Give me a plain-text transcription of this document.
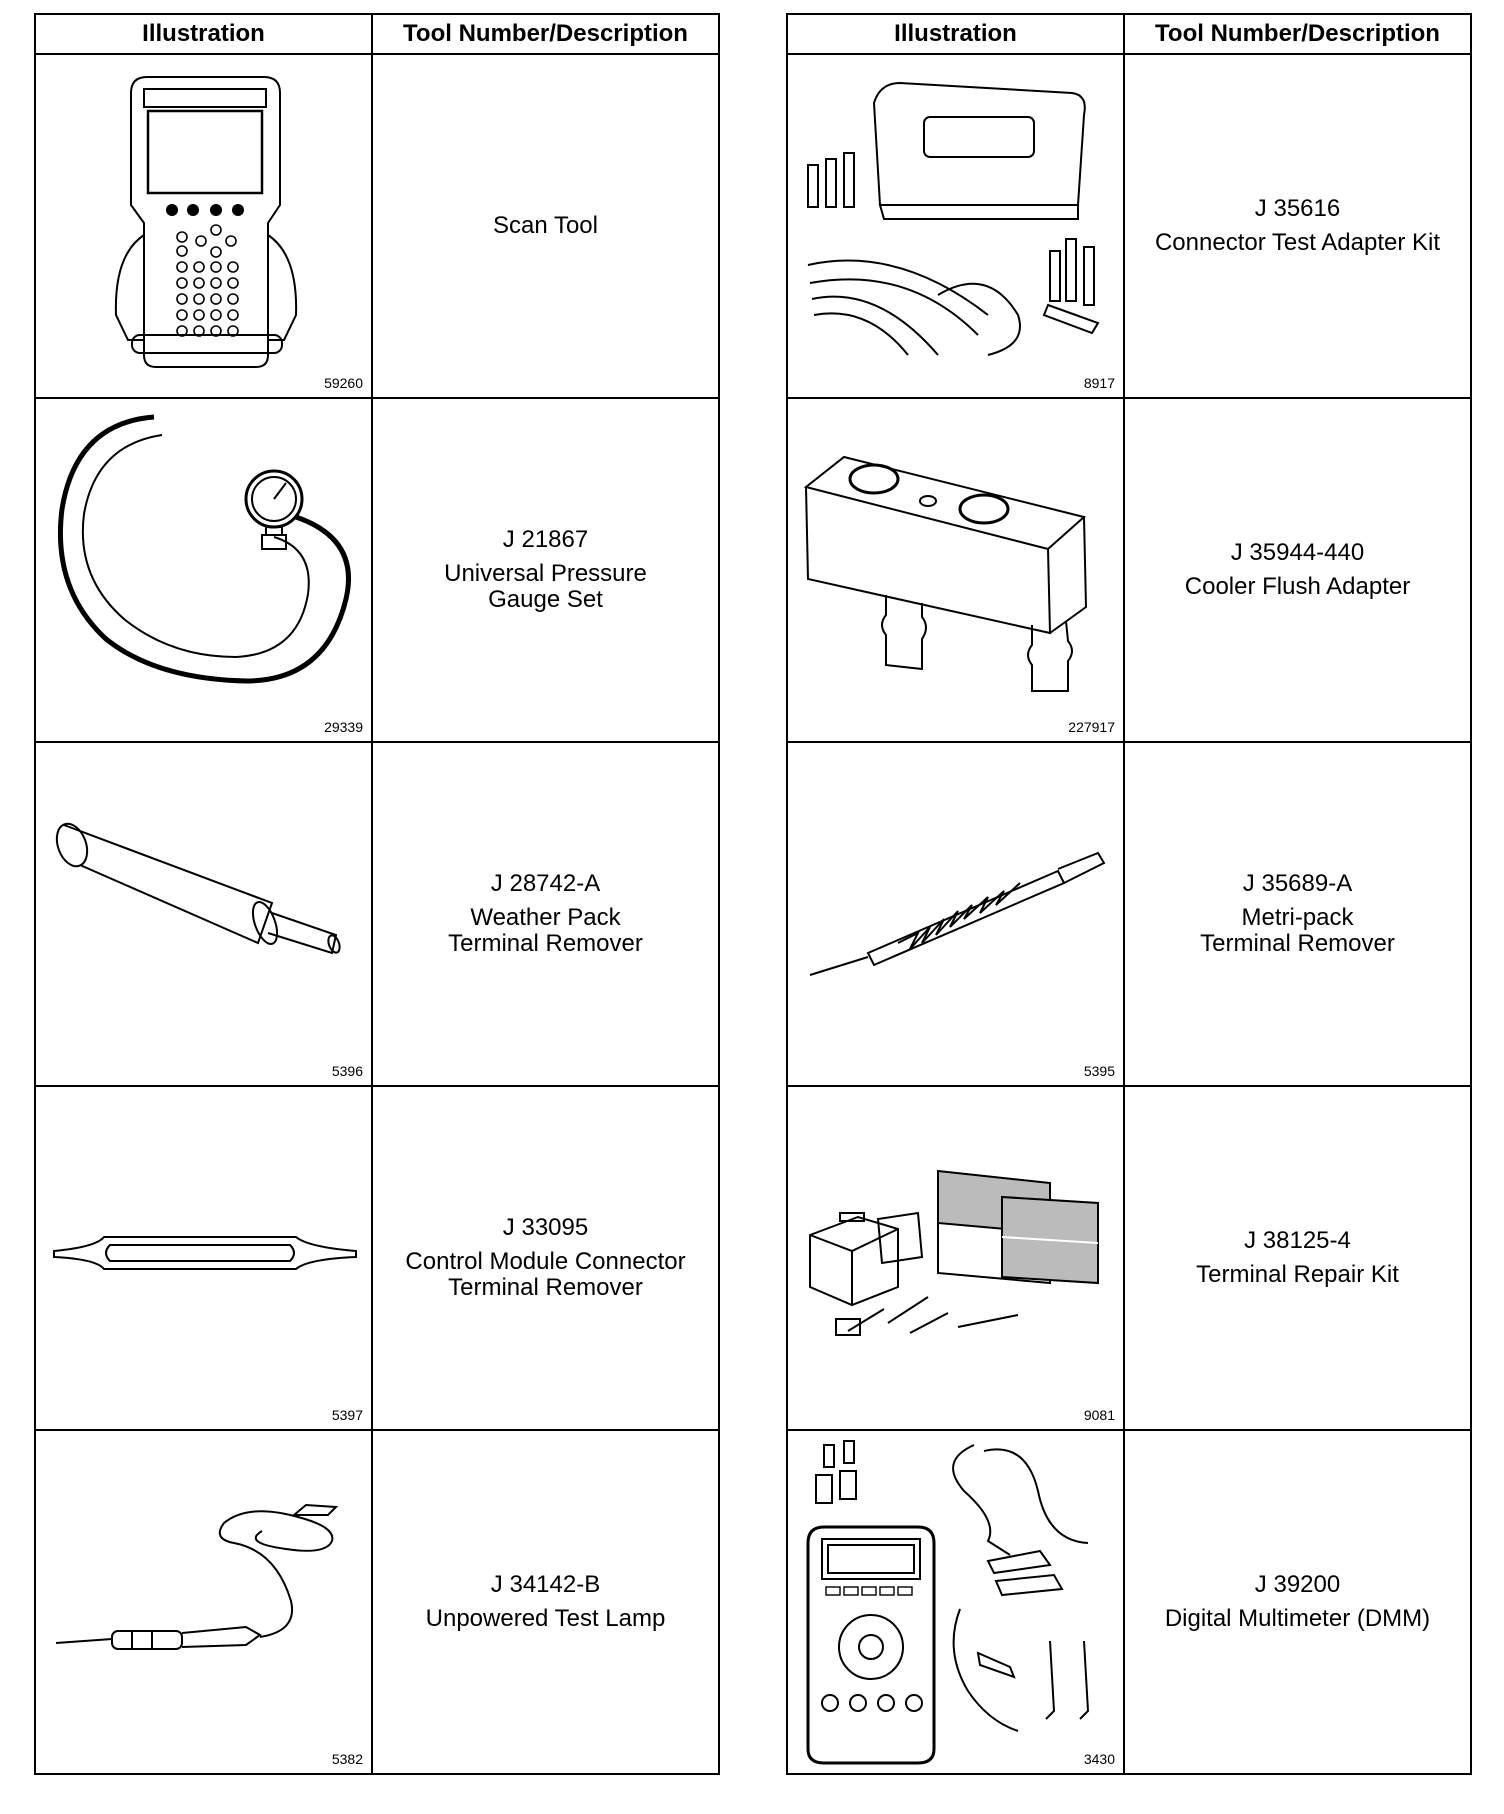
Illustration	Tool Number/Description

59260	Scan Tool

29339	J 21867
Universal Pressure
Gauge Set

5396	J 28742-A
Weather Pack
Terminal Remover

5397	J 33095
Control Module Connector
Terminal Remover

5382	J 34142-B
Unpowered Test Lamp
Illustration	Tool Number/Description

8917	J 35616
Connector Test Adapter Kit

227917	J 35944-440
Cooler Flush Adapter

5395	J 35689-A
Metri-pack
Terminal Remover

9081	J 38125-4
Terminal Repair Kit

3430	J 39200
Digital Multimeter (DMM)
